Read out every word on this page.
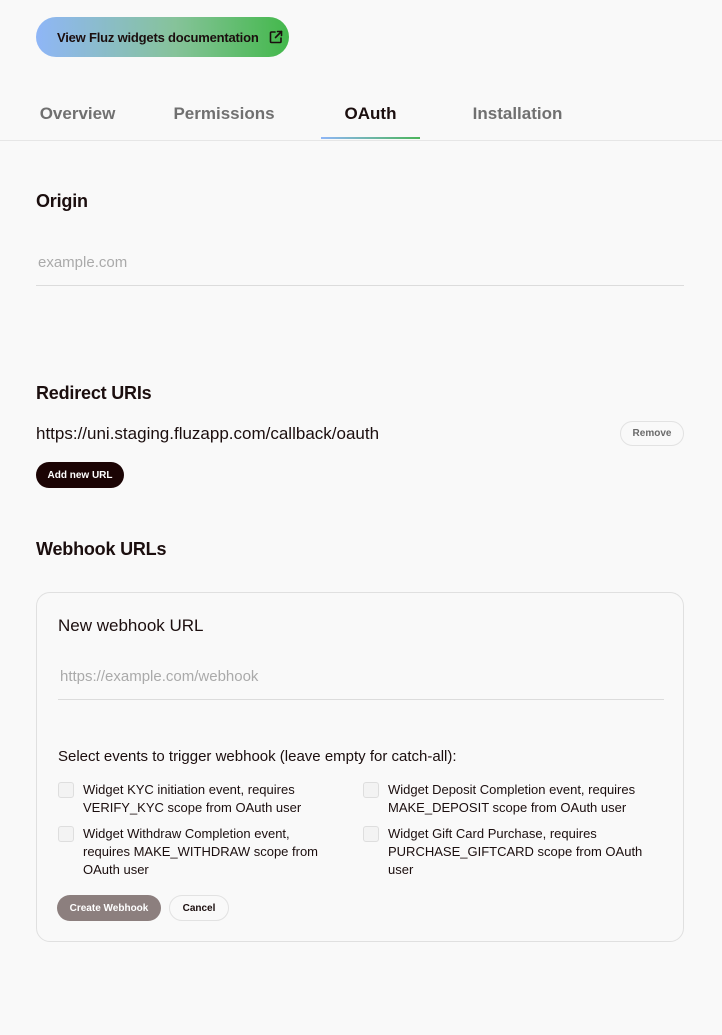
View Fluz widgets documentation
Overview	Permissions	OAuth	Installation
Origin
example.com
Redirect URIs
https://uni.staging.fluzapp.com/callback/oauth	Remove
Add new URL
Webhook URLs
New webhook URL
https://example.com/webhook
Select events to trigger webhook (leave empty for catch-all):
Widget KYC initiation event, requires VERIFY_KYC scope from OAuth user
Widget Deposit Completion event, requires MAKE_DEPOSIT scope from OAuth user
Widget Withdraw Completion event, requires MAKE_WITHDRAW scope from OAuth user
Widget Gift Card Purchase, requires PURCHASE_GIFTCARD scope from OAuth user
Create Webhook	Cancel
